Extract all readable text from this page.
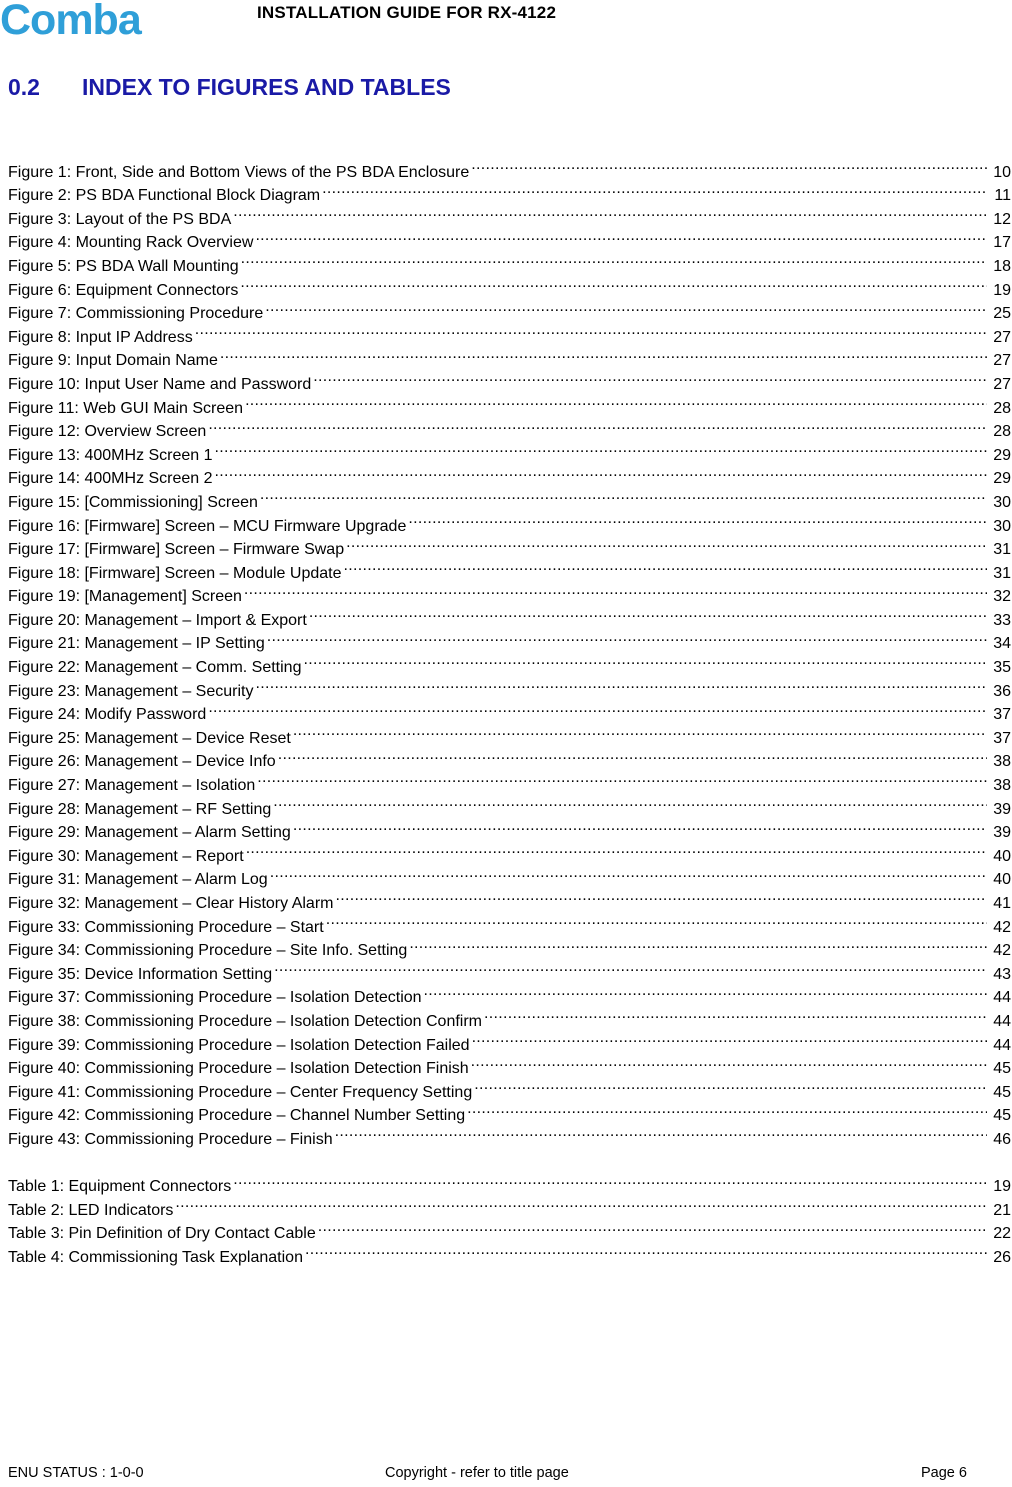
Comba	INSTALLATION GUIDE FOR RX-4122
0.2 INDEX TO FIGURES AND TABLES
Figure 1: Front, Side and Bottom Views of the PS BDA Enclosure .....	10
Figure 2: PS BDA Functional Block Diagram .....	11
Figure 3: Layout of the PS BDA .....	12
Figure 4: Mounting Rack Overview .....	17
Figure 5: PS BDA Wall Mounting .....	18
Figure 6: Equipment Connectors .....	19
Figure 7: Commissioning Procedure .....	25
Figure 8: Input IP Address .....	27
Figure 9: Input Domain Name .....	27
Figure 10: Input User Name and Password .....	27
Figure 11: Web GUI Main Screen .....	28
Figure 12: Overview Screen .....	28
Figure 13: 400MHz Screen 1 .....	29
Figure 14: 400MHz Screen 2 .....	29
Figure 15: [Commissioning] Screen .....	30
Figure 16: [Firmware] Screen – MCU Firmware Upgrade .....	30
Figure 17: [Firmware] Screen – Firmware Swap .....	31
Figure 18: [Firmware] Screen – Module Update .....	31
Figure 19: [Management] Screen .....	32
Figure 20: Management – Import & Export .....	33
Figure 21: Management – IP Setting .....	34
Figure 22: Management – Comm. Setting .....	35
Figure 23: Management – Security .....	36
Figure 24: Modify Password .....	37
Figure 25: Management – Device Reset .....	37
Figure 26: Management – Device Info .....	38
Figure 27: Management – Isolation .....	38
Figure 28: Management – RF Setting .....	39
Figure 29: Management – Alarm Setting .....	39
Figure 30: Management – Report .....	40
Figure 31: Management – Alarm Log .....	40
Figure 32: Management – Clear History Alarm .....	41
Figure 33: Commissioning Procedure – Start .....	42
Figure 34: Commissioning Procedure – Site Info. Setting .....	42
Figure 35: Device Information Setting .....	43
Figure 37: Commissioning Procedure – Isolation Detection .....	44
Figure 38: Commissioning Procedure – Isolation Detection Confirm .....	44
Figure 39: Commissioning Procedure – Isolation Detection Failed .....	44
Figure 40: Commissioning Procedure – Isolation Detection Finish .....	45
Figure 41: Commissioning Procedure – Center Frequency Setting .....	45
Figure 42: Commissioning Procedure – Channel Number Setting .....	45
Figure 43: Commissioning Procedure – Finish .....	46
Table 1: Equipment Connectors .....	19
Table 2: LED Indicators .....	21
Table 3: Pin Definition of Dry Contact Cable .....	22
Table 4: Commissioning Task Explanation .....	26
ENU STATUS : 1-0-0	Copyright - refer to title page	Page 6
